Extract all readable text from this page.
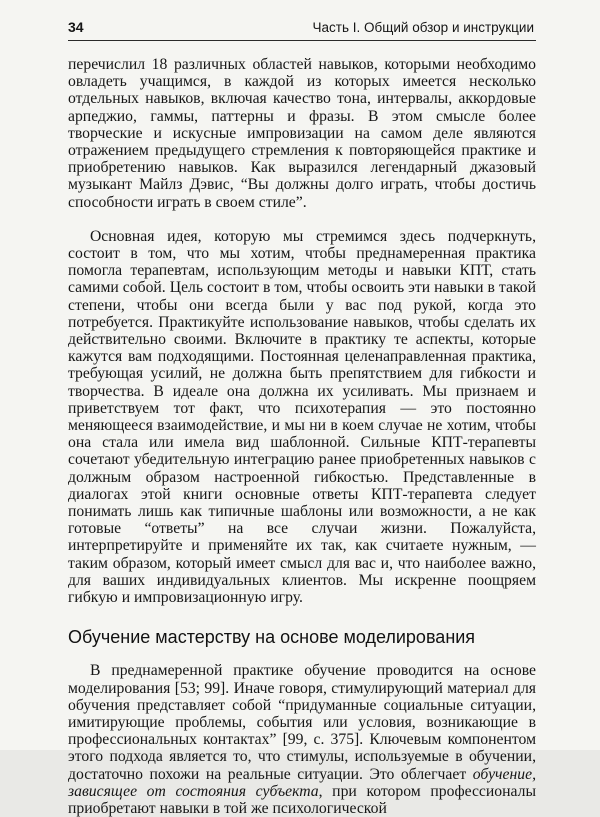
34	Часть I. Общий обзор и инструкции

перечислил 18 различных областей навыков, которыми необходимо овладеть учащимся, в каждой из которых имеется несколько отдельных навыков, включая качество тона, интервалы, аккордовые арпеджио, гаммы, паттерны и фразы. В этом смысле более творческие и искусные импровизации на самом деле являются отражением предыдущего стремления к повторяющейся практике и приобретению навыков. Как выразился легендарный джазовый музыкант Майлз Дэвис, “Вы должны долго играть, чтобы достичь способности играть в своем стиле”.

Основная идея, которую мы стремимся здесь подчеркнуть, состоит в том, что мы хотим, чтобы преднамеренная практика помогла терапевтам, использующим методы и навыки КПТ, стать самими собой. Цель состоит в том, чтобы освоить эти навыки в такой степени, чтобы они всегда были у вас под рукой, когда это потребуется. Практикуйте использование навыков, чтобы сделать их действительно своими. Включите в практику те аспекты, которые кажутся вам подходящими. Постоянная целенаправленная практика, требующая усилий, не должна быть препятствием для гибкости и творчества. В идеале она должна их усиливать. Мы признаем и приветствуем тот факт, что психотерапия — это постоянно меняющееся взаимодействие, и мы ни в коем случае не хотим, чтобы она стала или имела вид шаблонной. Сильные КПТ-терапевты сочетают убедительную интеграцию ранее приобретенных навыков с должным образом настроенной гибкостью. Представленные в диалогах этой книги основные ответы КПТ-терапевта следует понимать лишь как типичные шаблоны или возможности, а не как готовые “ответы” на все случаи жизни. Пожалуйста, интерпретируйте и применяйте их так, как считаете нужным, — таким образом, который имеет смысл для вас и, что наиболее важно, для ваших индивидуальных клиентов. Мы искренне поощряем гибкую и импровизационную игру.

Обучение мастерству на основе моделирования

В преднамеренной практике обучение проводится на основе моделирования [53; 99]. Иначе говоря, стимулирующий материал для обучения представляет собой “придуманные социальные ситуации, имитирующие проблемы, события или условия, возникающие в профессиональных контактах” [99, с. 375]. Ключевым компонентом этого подхода является то, что стимулы, используемые в обучении, достаточно похожи на реальные ситуации. Это облегчает обучение, зависящее от состояния субъекта, при котором профессионалы приобретают навыки в той же психологической
